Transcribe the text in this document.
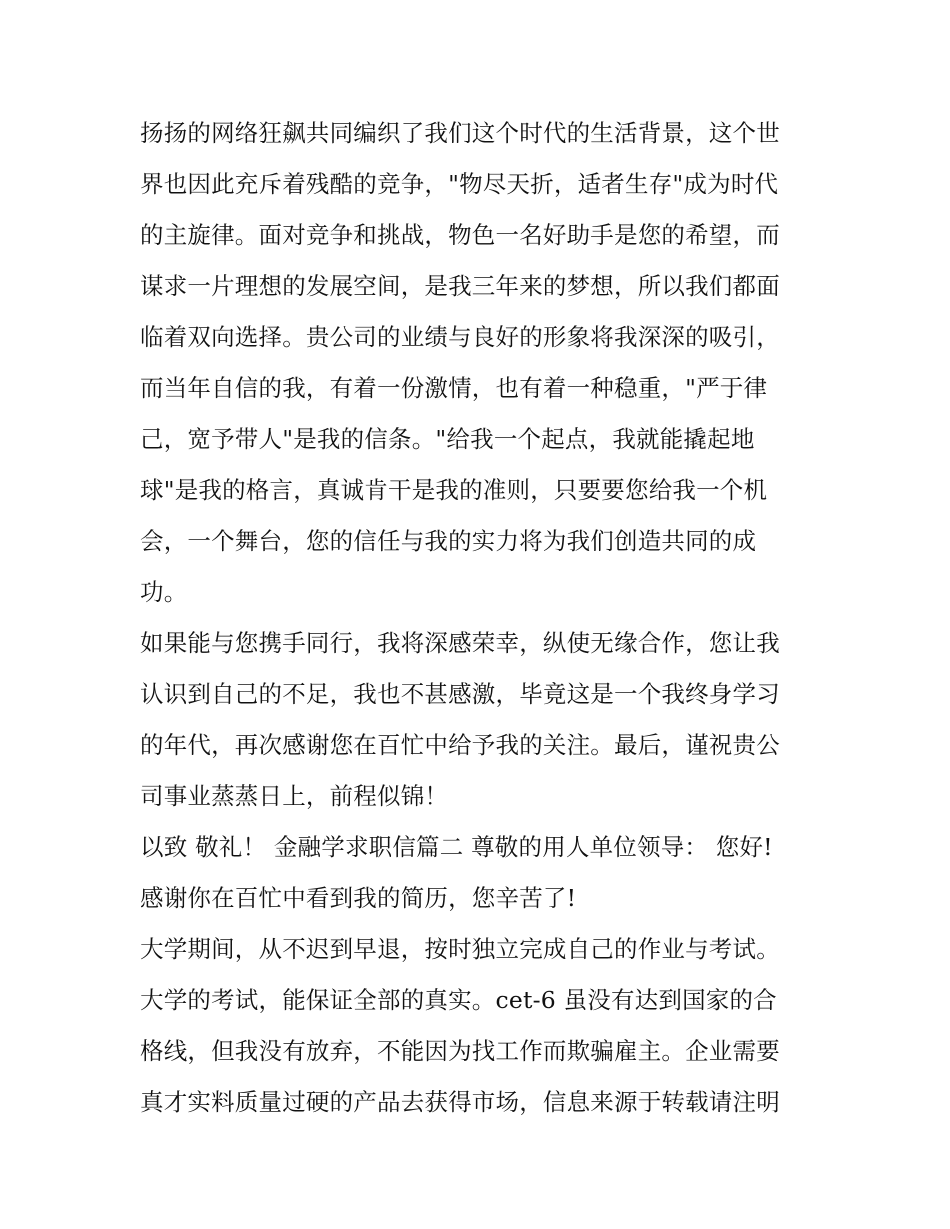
扬扬的网络狂飙共同编织了我们这个时代的生活背景，这个世
界也因此充斥着残酷的竞争，"物尽天折，适者生存"成为时代
的主旋律。面对竞争和挑战，物色一名好助手是您的希望，而
谋求一片理想的发展空间，是我三年来的梦想，所以我们都面
临着双向选择。贵公司的业绩与良好的形象将我深深的吸引，
而当年自信的我，有着一份激情，也有着一种稳重，"严于律
己，宽予带人"是我的信条。"给我一个起点，我就能撬起地
球"是我的格言，真诚肯干是我的准则，只要要您给我一个机
会，一个舞台，您的信任与我的实力将为我们创造共同的成
功。
如果能与您携手同行，我将深感荣幸，纵使无缘合作，您让我
认识到自己的不足，我也不甚感激，毕竟这是一个我终身学习
的年代，再次感谢您在百忙中给予我的关注。最后，谨祝贵公
司事业蒸蒸日上，前程似锦！
以致 敬礼！ 金融学求职信篇二 尊敬的用人单位领导： 您好!
感谢你在百忙中看到我的简历，您辛苦了!
大学期间，从不迟到早退，按时独立完成自己的作业与考试。
大学的考试，能保证全部的真实。cet-6 虽没有达到国家的合
格线，但我没有放弃，不能因为找工作而欺骗雇主。企业需要
真才实料质量过硬的产品去获得市场，信息来源于转载请注明
